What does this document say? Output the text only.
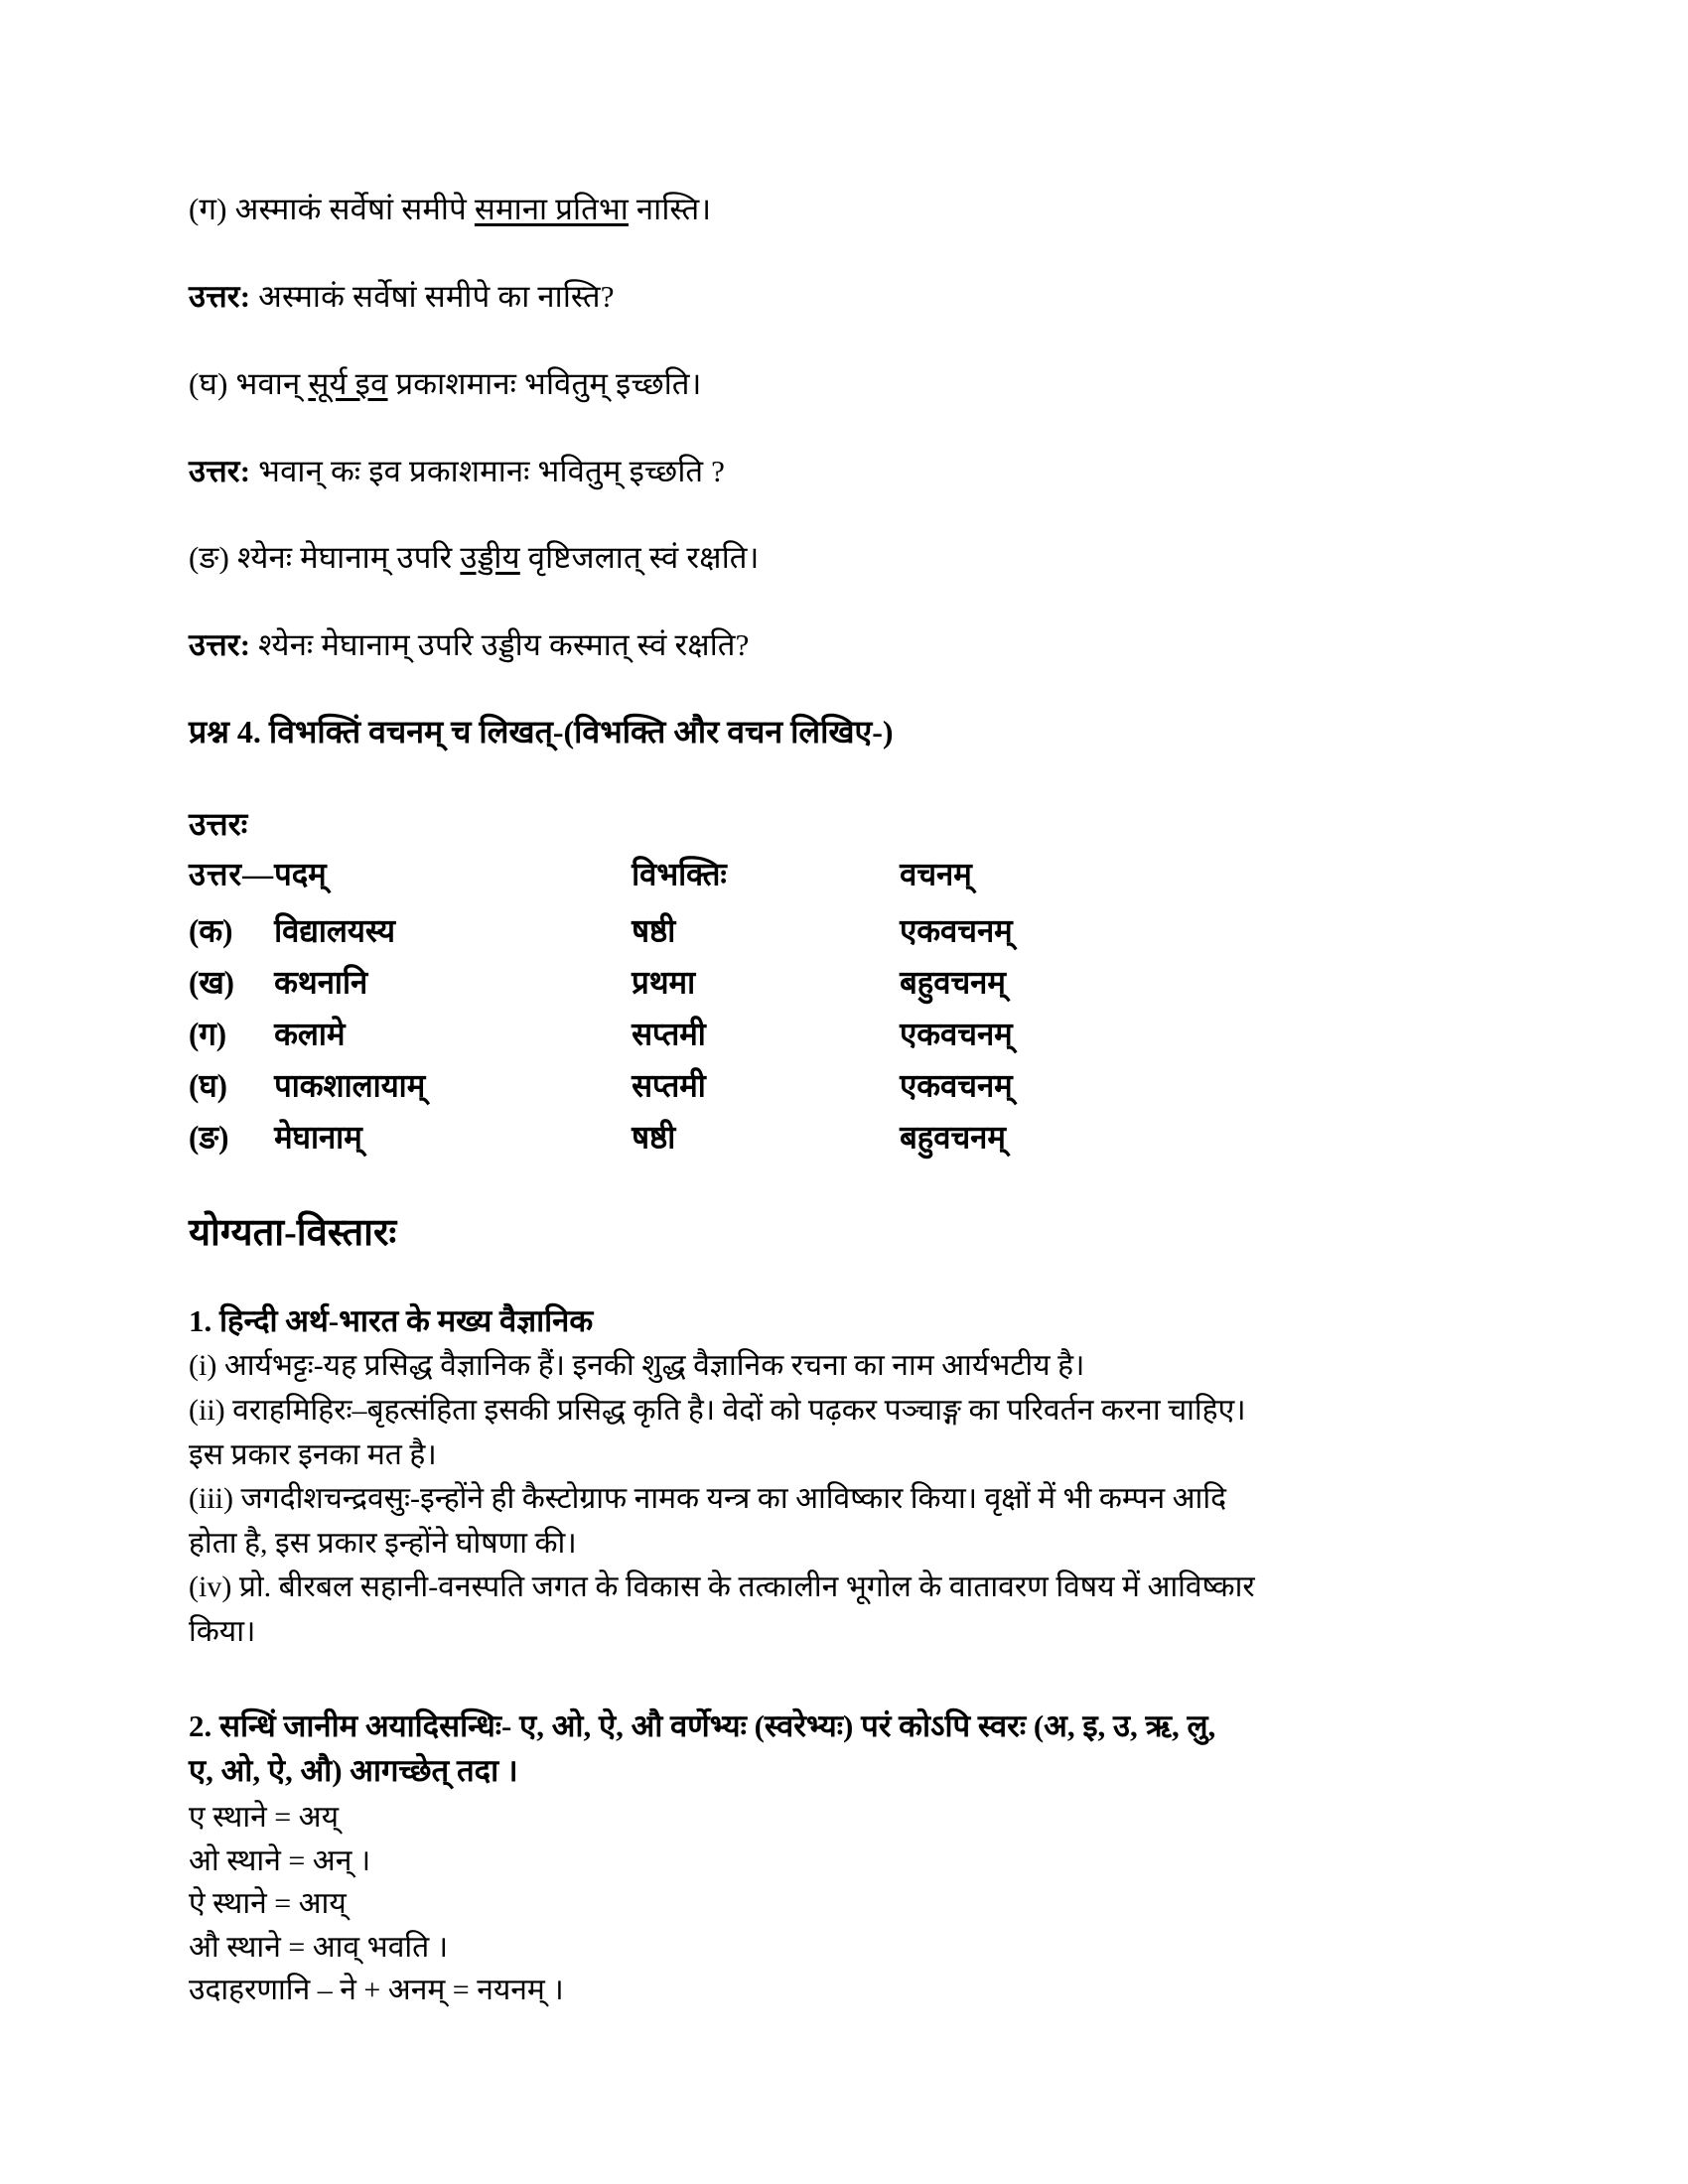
(ग) अस्माकं सर्वेषां समीपे समाना प्रतिभा नास्ति।

उत्तर: अस्माकं सर्वेषां समीपे का नास्ति?

(घ) भवान् सूर्य इव प्रकाशमानः भवितुम् इच्छति।

उत्तर: भवान् कः इव प्रकाशमानः भवितुम् इच्छति ?

(ङ) श्येनः मेघानाम् उपरि उड्डीय वृष्टिजलात् स्वं रक्षति।

उत्तर: श्येनः मेघानाम् उपरि उड्डीय कस्मात् स्वं रक्षति?

प्रश्न 4. विभक्तिं वचनम् च लिखत्-(विभक्ति और वचन लिखिए-)

उत्तरः

उत्तर—	पदम्	विभक्तिः	वचनम्
(क)	विद्यालयस्य	षष्ठी	एकवचनम्
(ख)	कथनानि	प्रथमा	बहुवचनम्
(ग)	कलामे	सप्तमी	एकवचनम्
(घ)	पाकशालायाम्	सप्तमी	एकवचनम्
(ङ)	मेघानाम्	षष्ठी	बहुवचनम्

योग्यता-विस्तारः

1. हिन्दी अर्थ-भारत के मख्य वैज्ञानिक

(i) आर्यभट्टः-यह प्रसिद्ध वैज्ञानिक हैं। इनकी शुद्ध वैज्ञानिक रचना का नाम आर्यभटीय है।

(ii) वराहमिहिरः–बृहत्संहिता इसकी प्रसिद्ध कृति है। वेदों को पढ़कर पञ्चाङ्ग का परिवर्तन करना चाहिए।

इस प्रकार इनका मत है।

(iii) जगदीशचन्द्रवसुः-इन्होंने ही कैस्टोग्राफ नामक यन्त्र का आविष्कार किया। वृक्षों में भी कम्पन आदि

होता है, इस प्रकार इन्होंने घोषणा की।

(iv) प्रो. बीरबल सहानी-वनस्पति जगत के विकास के तत्कालीन भूगोल के वातावरण विषय में आविष्कार

किया।

2. सन्धिं जानीम अयादिसन्धिः- ए, ओ, ऐ, औ वर्णेभ्यः (स्वरेभ्यः) परं कोऽपि स्वरः (अ, इ, उ, ऋ, लु,

ए, ओ, ऐ, औ) आगच्छेत् तदा ।

ए स्थाने = अय्

ओ स्थाने = अन् ।

ऐ स्थाने = आय्

औ स्थाने = आव् भवति ।

उदाहरणानि – ने + अनम् = नयनम् ।
